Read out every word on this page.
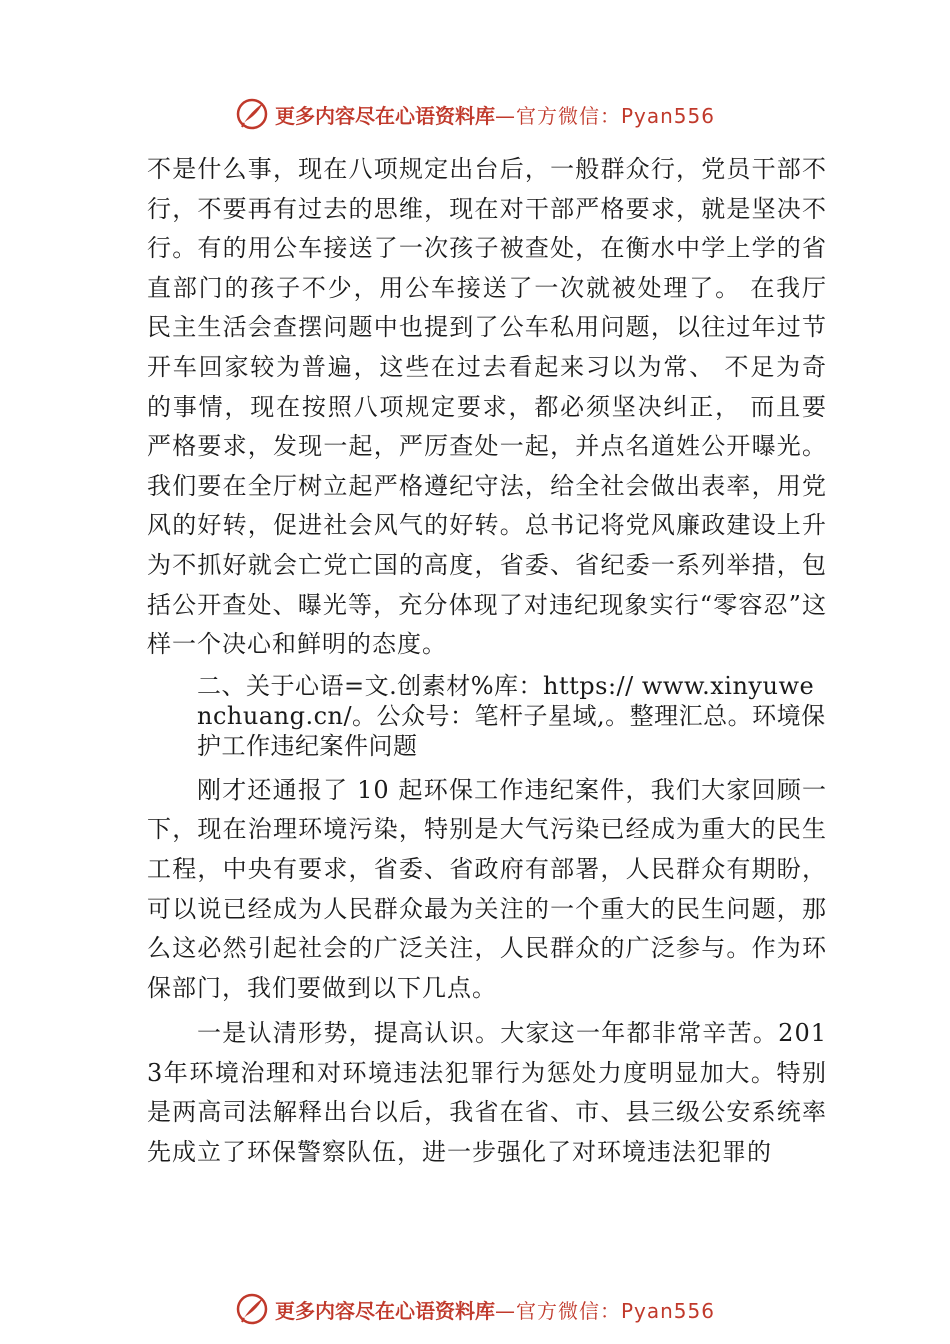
更多内容尽在心语资料库 —官方微信：Pyan556

不是什么事，现在八项规定出台后，一般群众行，党员干部不行，不要再有过去的思维，现在对干部严格要求，就是坚决不行。有的用公车接送了一次孩子被查处，在衡水中学上学的省直部门的孩子不少，用公车接送了一次就被处理了。 在我厅民主生活会查摆问题中也提到了公车私用问题，以往过年过节开车回家较为普遍，这些在过去看起来习以为常、 不足为奇的事情，现在按照八项规定要求，都必须坚决纠正， 而且要严格要求，发现一起，严厉查处一起，并点名道姓公开曝光。我们要在全厅树立起严格遵纪守法，给全社会做出表率，用党风的好转，促进社会风气的好转。总书记将党风廉政建设上升为不抓好就会亡党亡国的高度，省委、省纪委一系列举措，包括公开查处、曝光等，充分体现了对违纪现象实行“零容忍”这样一个决心和鲜明的态度。

二、关于心语=文.创素材%库：https:// www.xinyuwenchuang.cn/。公众号：笔杆子星域,。整理汇总。环境保护工作违纪案件问题

刚才还通报了 10 起环保工作违纪案件，我们大家回顾一下，现在治理环境污染，特别是大气污染已经成为重大的民生工程，中央有要求，省委、省政府有部署，人民群众有期盼，可以说已经成为人民群众最为关注的一个重大的民生问题，那么这必然引起社会的广泛关注，人民群众的广泛参与。作为环保部门，我们要做到以下几点。

一是认清形势，提高认识。大家这一年都非常辛苦。2013年环境治理和对环境违法犯罪行为惩处力度明显加大。特别是两高司法解释出台以后，我省在省、市、县三级公安系统率先成立了环保警察队伍，进一步强化了对环境违法犯罪的

更多内容尽在心语资料库 —官方微信：Pyan556
